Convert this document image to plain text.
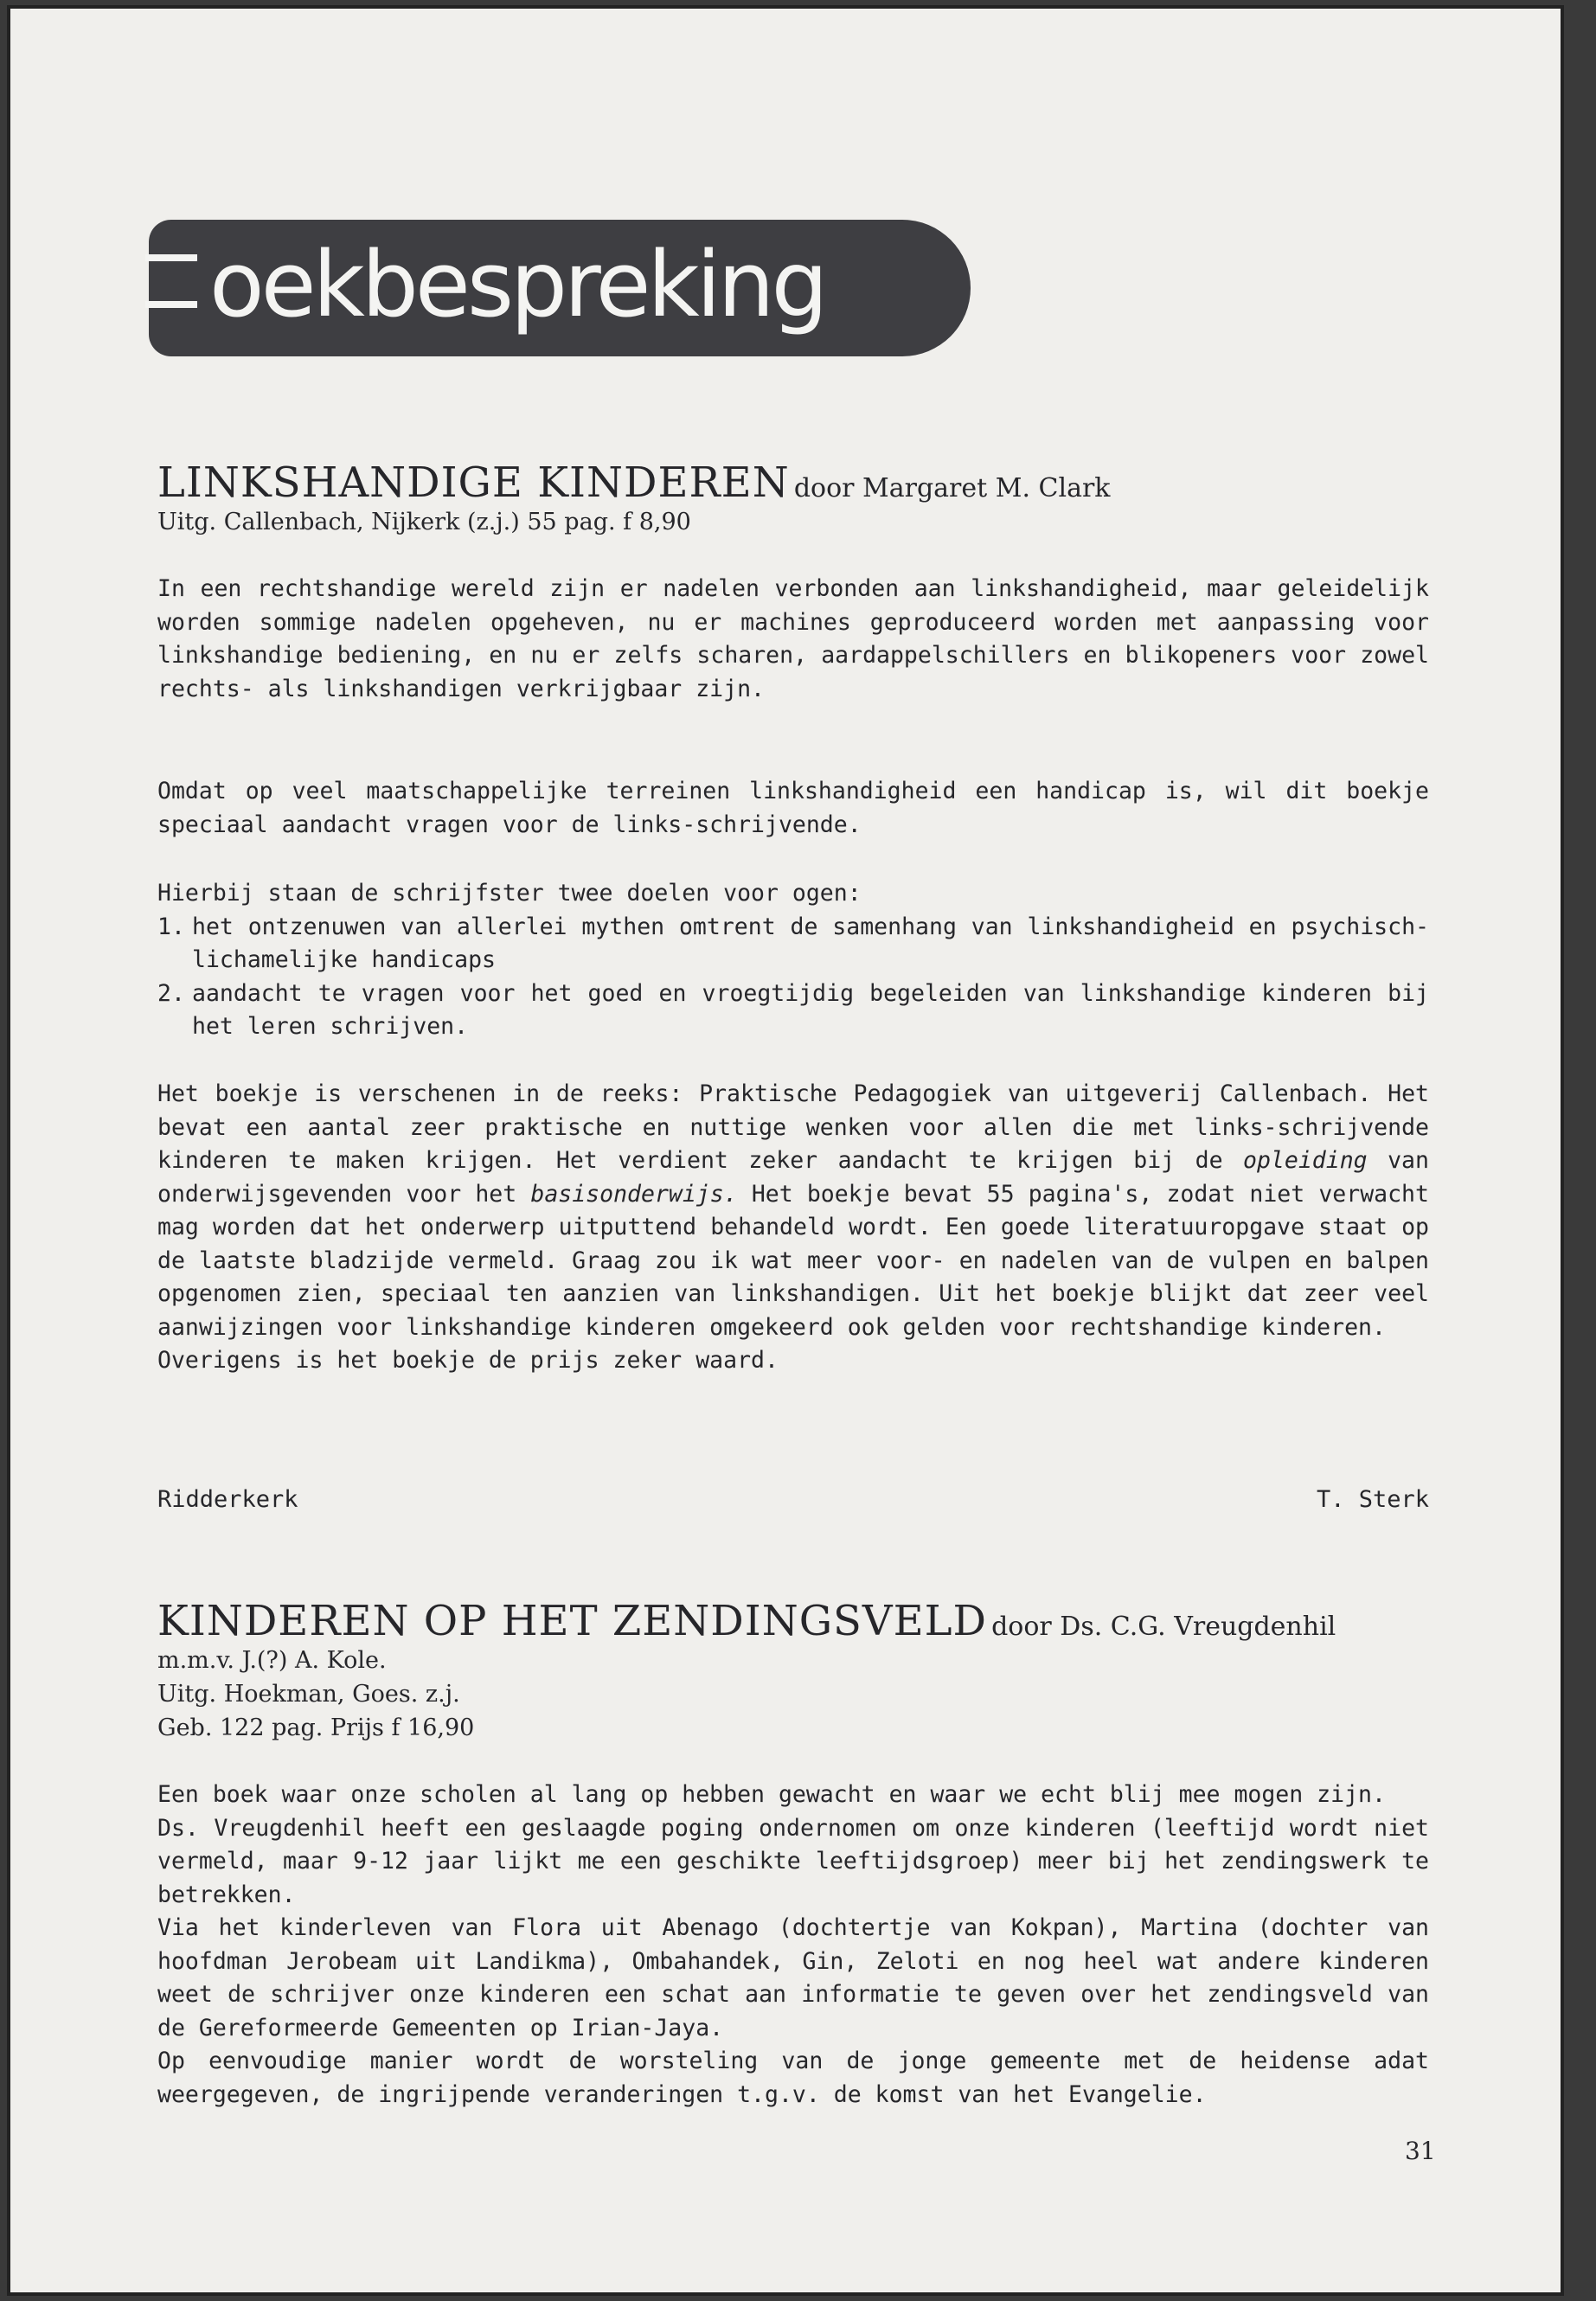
oekbespreking
LINKSHANDIGE KINDEREN door Margaret M. Clark
Uitg. Callenbach, Nijkerk (z.j.) 55 pag. f 8,90
In een rechtshandige wereld zijn er nadelen verbonden aan linkshandigheid, maar geleidelijk worden sommige nadelen opgeheven, nu er machines geproduceerd worden met aanpassing voor linkshandige bediening, en nu er zelfs scharen, aardappelschillers en blikopeners voor zowel rechts- als linkshandigen verkrijgbaar zijn.
Omdat op veel maatschappelijke terreinen linkshandigheid een handicap is, wil dit boekje speciaal aandacht vragen voor de links-schrijvende.
Hierbij staan de schrijfster twee doelen voor ogen:
1. het ontzenuwen van allerlei mythen omtrent de samenhang van linkshandigheid en psychisch-lichamelijke handicaps
2. aandacht te vragen voor het goed en vroegtijdig begeleiden van linkshandige kinderen bij het leren schrijven.

Het boekje is verschenen in de reeks: Praktische Pedagogiek van uitgeverij Callenbach. Het bevat een aantal zeer praktische en nuttige wenken voor allen die met links-schrijvende kinderen te maken krijgen. Het verdient zeker aandacht te krijgen bij de opleiding van onderwijsgevenden voor het basisonderwijs. Het boekje bevat 55 pagina's, zodat niet verwacht mag worden dat het onderwerp uitputtend behandeld wordt. Een goede literatuuropgave staat op de laatste bladzijde vermeld. Graag zou ik wat meer voor- en nadelen van de vulpen en balpen opgenomen zien, speciaal ten aanzien van linkshandigen. Uit het boekje blijkt dat zeer veel aanwijzingen voor linkshandige kinderen omgekeerd ook gelden voor rechtshandige kinderen.

Overigens is het boekje de prijs zeker waard.

Ridderkerk	T. Sterk
KINDEREN OP HET ZENDINGSVELD door Ds. C.G. Vreugdenhil
m.m.v. J.(?) A. Kole.
Uitg. Hoekman, Goes. z.j.
Geb. 122 pag. Prijs f 16,90

Een boek waar onze scholen al lang op hebben gewacht en waar we echt blij mee mogen zijn.

Ds. Vreugdenhil heeft een geslaagde poging ondernomen om onze kinderen (leeftijd wordt niet vermeld, maar 9-12 jaar lijkt me een geschikte leeftijdsgroep) meer bij het zendingswerk te betrekken.

Via het kinderleven van Flora uit Abenago (dochtertje van Kokpan), Martina (dochter van hoofdman Jerobeam uit Landikma), Ombahandek, Gin, Zeloti en nog heel wat andere kinderen weet de schrijver onze kinderen een schat aan informatie te geven over het zendingsveld van de Gereformeerde Gemeenten op Irian-Jaya.

Op eenvoudige manier wordt de worsteling van de jonge gemeente met de heidense adat weergegeven, de ingrijpende veranderingen t.g.v. de komst van het Evangelie.

31
